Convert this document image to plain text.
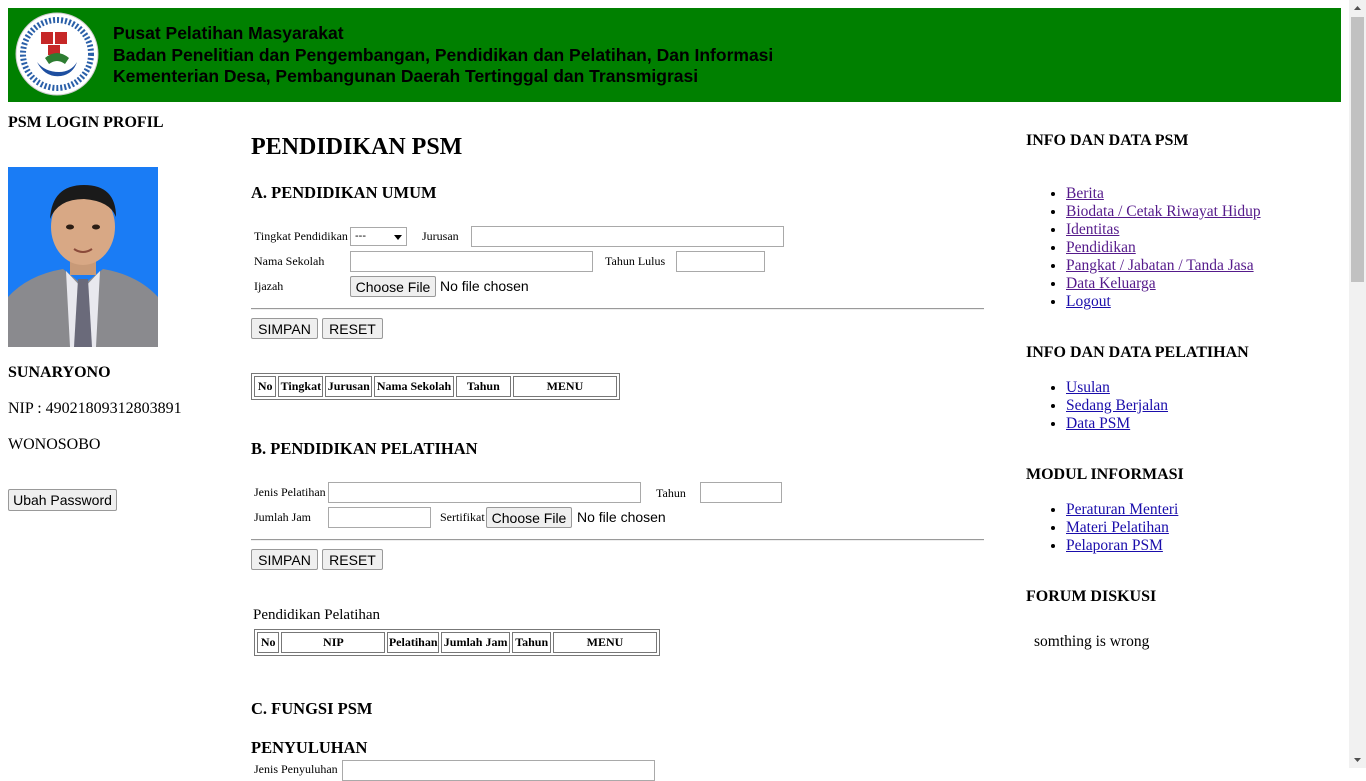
Pusat Pelatihan Masyarakat
Badan Penelitian dan Pengembangan, Pendidikan dan Pelatihan, Dan Informasi
Kementerian Desa, Pembangunan Daerah Tertinggal dan Transmigrasi
PSM LOGIN PROFIL
SUNARYONO
NIP : 49021809312803891
WONOSOBO
Ubah Password
PENDIDIKAN PSM
A. PENDIDIKAN UMUM
Tingkat Pendidikan ---	Jurusan
Nama Sekolah	Tahun Lulus
Ijazah	Choose File No file chosen
SIMPAN	RESET
No	Tingkat	Jurusan	Nama Sekolah	Tahun	MENU
B. PENDIDIKAN PELATIHAN
Jenis Pelatihan	Tahun
Jumlah Jam	Sertifikat Choose File No file chosen
SIMPAN	RESET
Pendidikan Pelatihan
No	NIP	Pelatihan	Jumlah Jam	Tahun	MENU
C. FUNGSI PSM
PENYULUHAN
Jenis Penyuluhan
INFO DAN DATA PSM
• Berita
• Biodata / Cetak Riwayat Hidup
• Identitas
• Pendidikan
• Pangkat / Jabatan / Tanda Jasa
• Data Keluarga
• Logout
INFO DAN DATA PELATIHAN
• Usulan
• Sedang Berjalan
• Data PSM
MODUL INFORMASI
• Peraturan Menteri
• Materi Pelatihan
• Pelaporan PSM
FORUM DISKUSI
somthing is wrong
